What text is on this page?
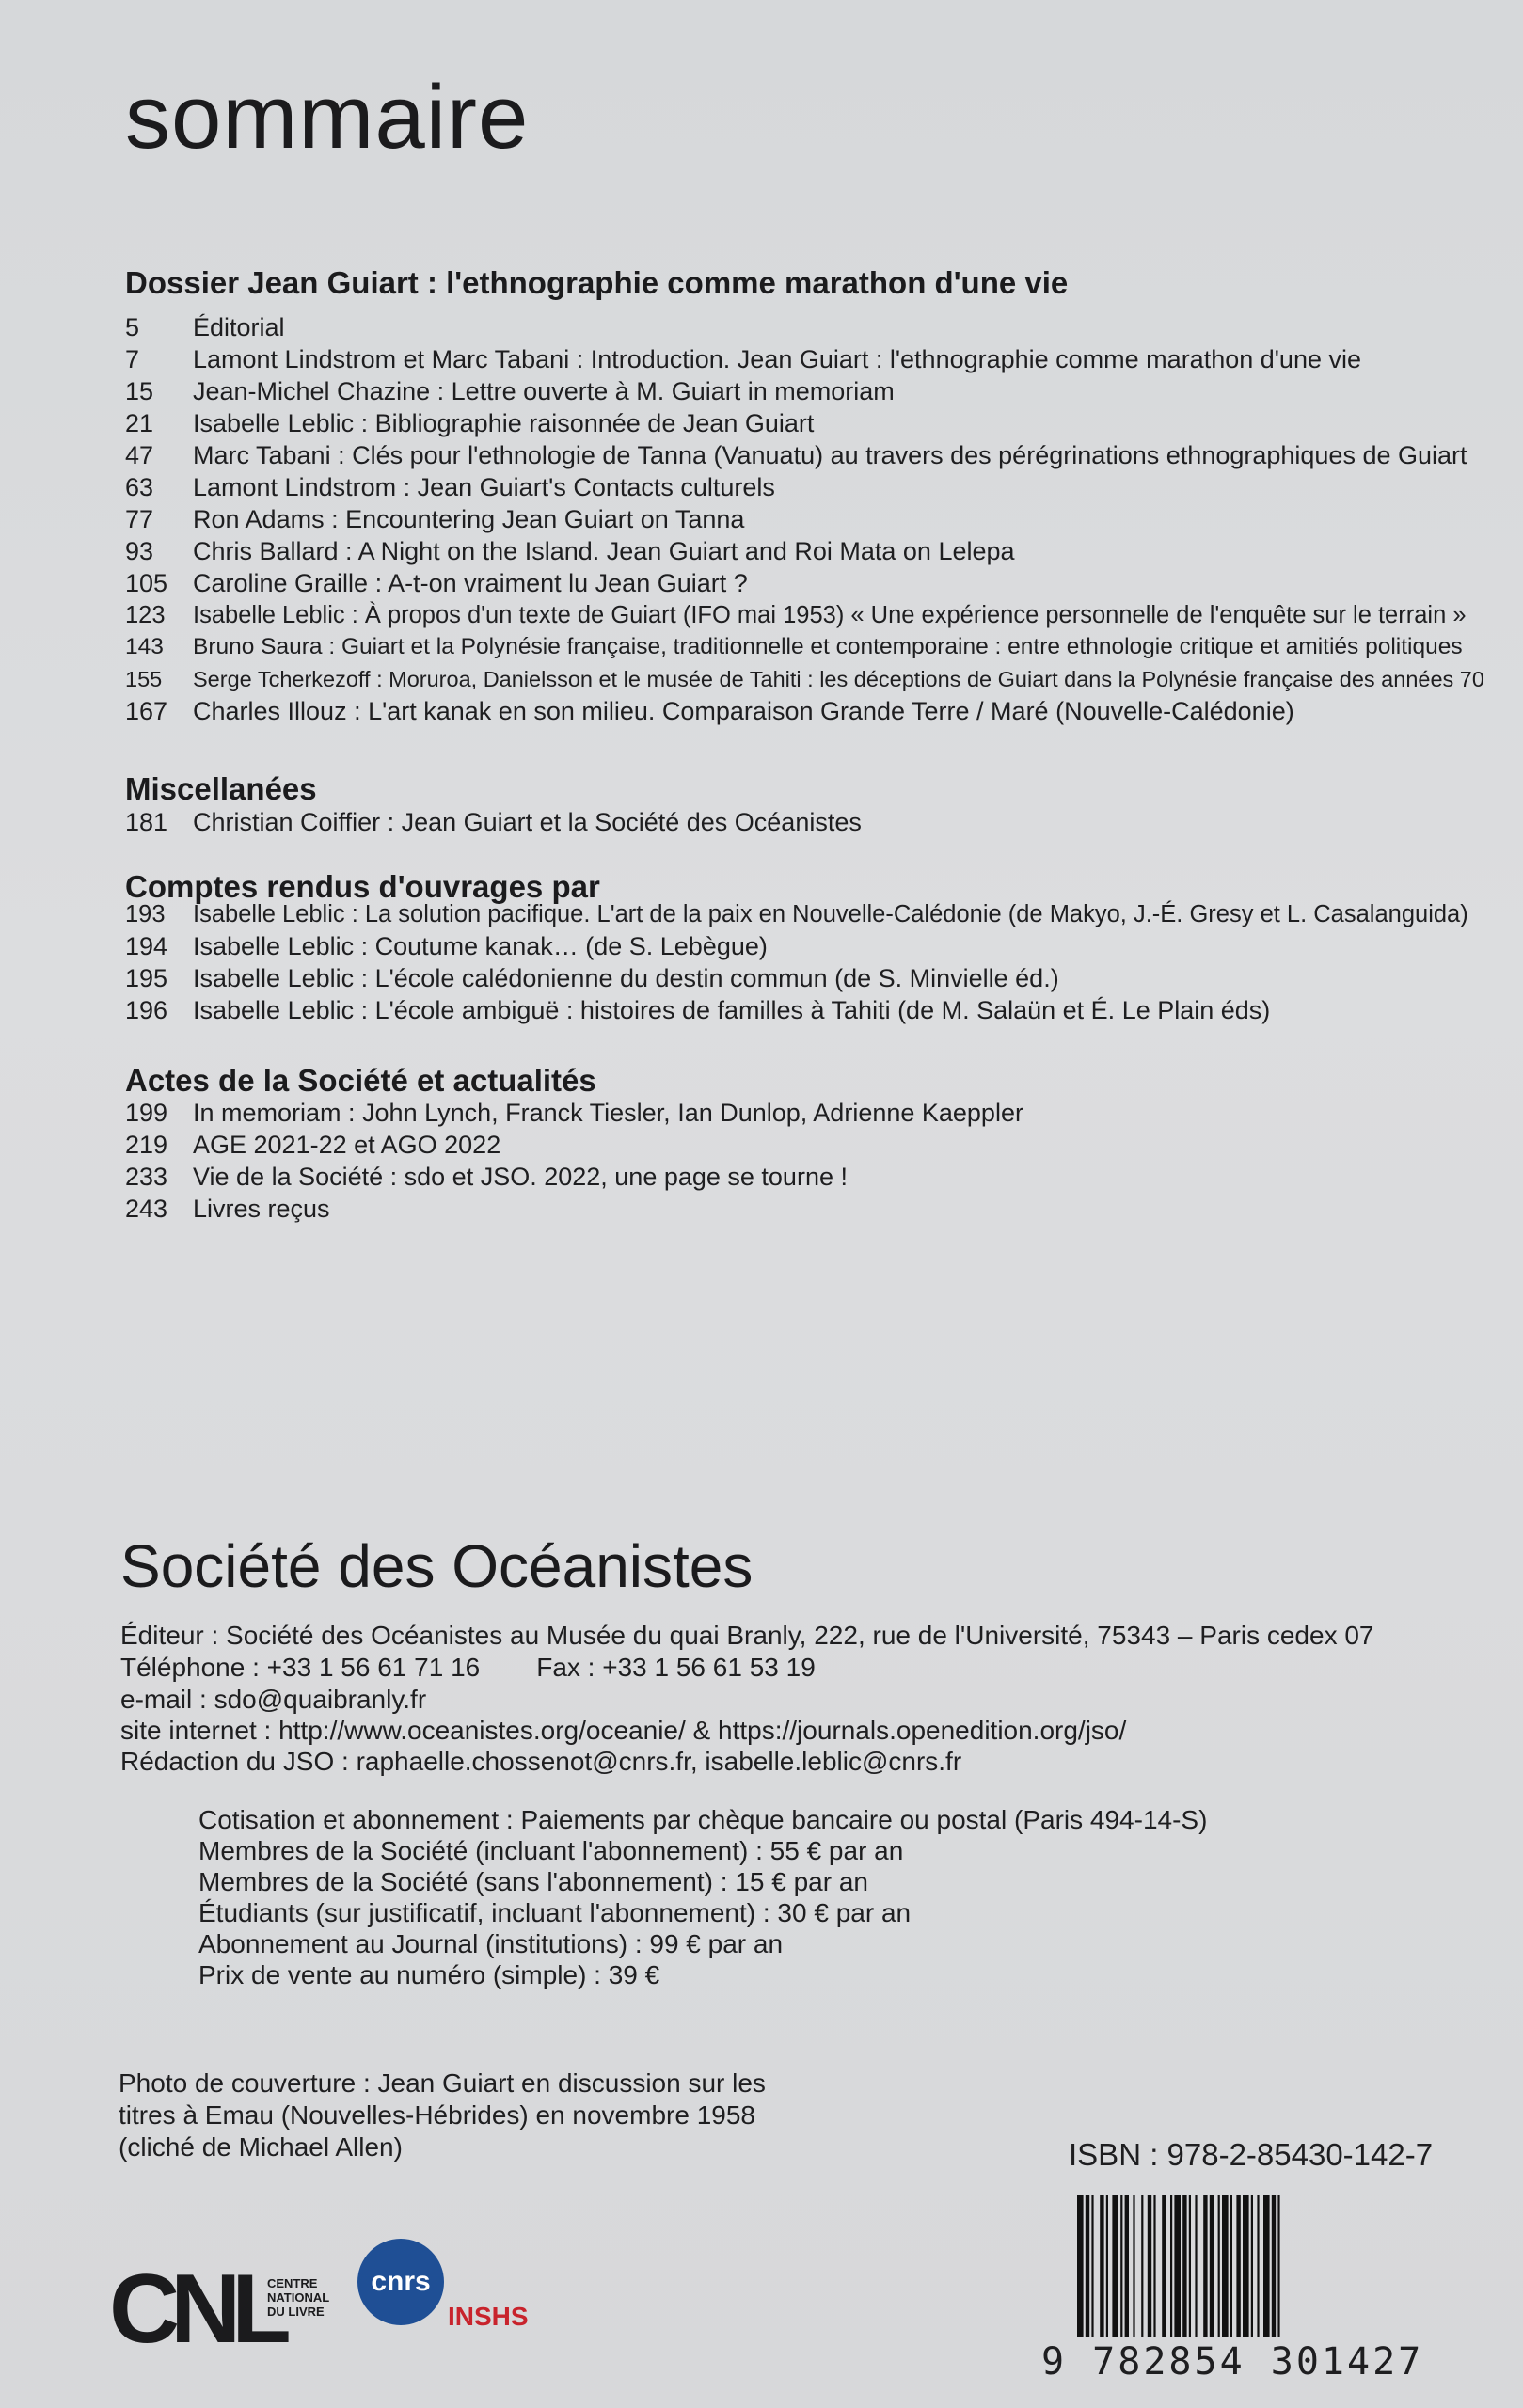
sommaire
Dossier Jean Guiart : l'ethnographie comme marathon d'une vie
5	Éditorial
7	Lamont Lindstrom et Marc Tabani : Introduction. Jean Guiart : l'ethnographie comme marathon d'une vie
15	Jean-Michel Chazine : Lettre ouverte à M. Guiart in memoriam
21	Isabelle Leblic : Bibliographie raisonnée de Jean Guiart
47	Marc Tabani : Clés pour l'ethnologie de Tanna (Vanuatu) au travers des pérégrinations ethnographiques de Guiart
63	Lamont Lindstrom : Jean Guiart's Contacts culturels
77	Ron Adams : Encountering Jean Guiart on Tanna
93	Chris Ballard : A Night on the Island. Jean Guiart and Roi Mata on Lelepa
105 Caroline Graille : A-t-on vraiment lu Jean Guiart ?
123	Isabelle Leblic : À propos d'un texte de Guiart (IFO mai 1953) « Une expérience personnelle de l'enquête sur le terrain »
143	Bruno Saura : Guiart et la Polynésie française, traditionnelle et contemporaine : entre ethnologie critique et amitiés politiques
155	Serge Tcherkezoff : Moruroa, Danielsson et le musée de Tahiti : les déceptions de Guiart dans la Polynésie française des années 70
167 Charles Illouz : L'art kanak en son milieu. Comparaison Grande Terre / Maré (Nouvelle-Calédonie)
Miscellanées
181 Christian Coiffier : Jean Guiart et la Société des Océanistes
Comptes rendus d'ouvrages par
193	Isabelle Leblic : La solution pacifique. L'art de la paix en Nouvelle-Calédonie (de Makyo, J.-É. Gresy et L. Casalanguida)
194 Isabelle Leblic : Coutume kanak… (de S. Lebègue)
195 Isabelle Leblic : L'école calédonienne du destin commun (de S. Minvielle éd.)
196 Isabelle Leblic : L'école ambiguë : histoires de familles à Tahiti (de M. Salaün et É. Le Plain éds)
Actes de la Société et actualités
199 In memoriam : John Lynch, Franck Tiesler, Ian Dunlop, Adrienne Kaeppler
219 AGE 2021-22 et AGO 2022
233 Vie de la Société : sdo et JSO. 2022, une page se tourne !
243 Livres reçus
Société des Océanistes
Éditeur : Société des Océanistes au Musée du quai Branly, 222, rue de l'Université, 75343 – Paris cedex 07
Téléphone : +33 1 56 61 71 16 Fax : +33 1 56 61 53 19
e-mail : sdo@quaibranly.fr
site internet : http://www.oceanistes.org/oceanie/ & https://journals.openedition.org/jso/
Rédaction du JSO : raphaelle.chossenot@cnrs.fr, isabelle.leblic@cnrs.fr
Cotisation et abonnement : Paiements par chèque bancaire ou postal (Paris 494-14-S)
Membres de la Société (incluant l'abonnement) : 55 € par an
Membres de la Société (sans l'abonnement) : 15 € par an
Étudiants (sur justificatif, incluant l'abonnement) : 30 € par an
Abonnement au Journal (institutions) : 99 € par an
Prix de vente au numéro (simple) : 39 €
Photo de couverture : Jean Guiart en discussion sur les titres à Emau (Nouvelles-Hébrides) en novembre 1958 (cliché de Michael Allen)	ISBN : 978-2-85430-142-7
9 782854 301427
CNL
CENTRE
NATIONAL
DU LIVRE
cnrs
INSHS
